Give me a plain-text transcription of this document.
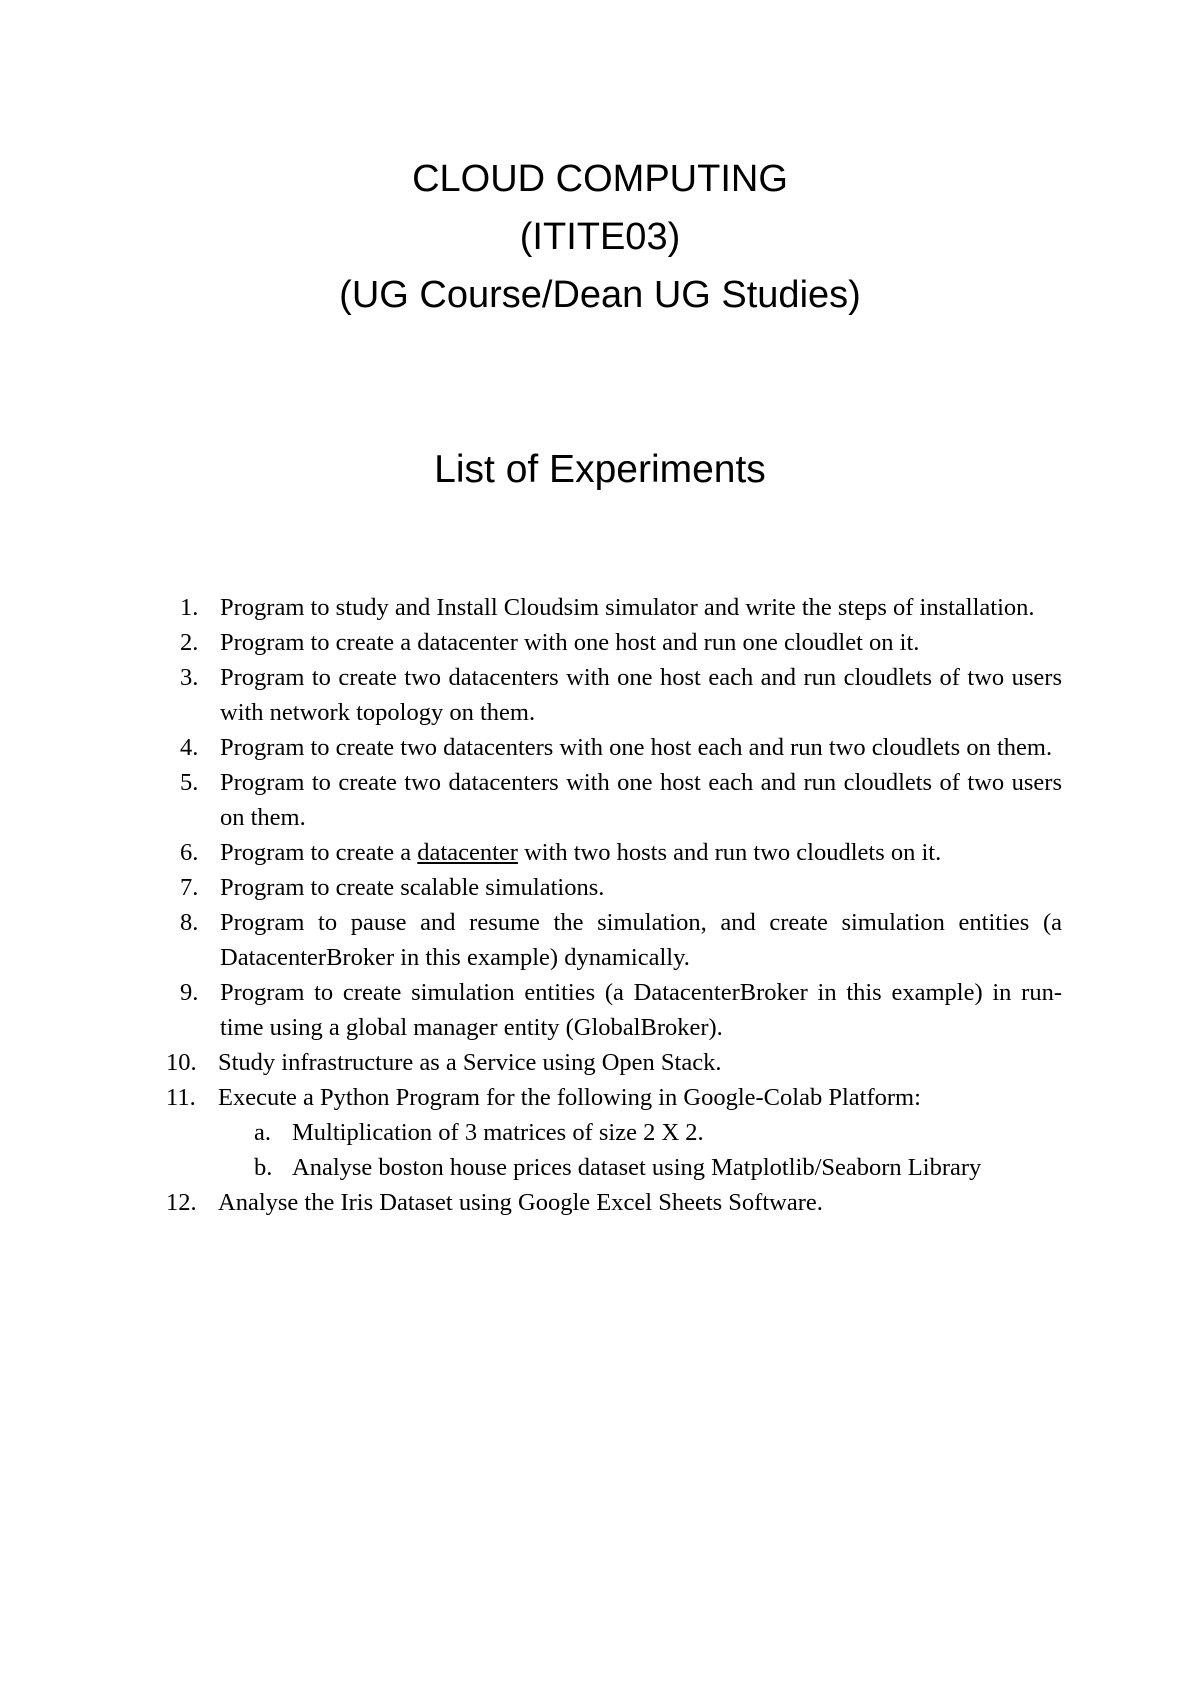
CLOUD COMPUTING
(ITITE03)
(UG Course/Dean UG Studies)
List of Experiments
1. Program to study and Install Cloudsim simulator and write the steps of installation.
2. Program to create a datacenter with one host and run one cloudlet on it.
3. Program to create two datacenters with one host each and run cloudlets of two users with network topology on them.
4. Program to create two datacenters with one host each and run two cloudlets on them.
5. Program to create two datacenters with one host each and run cloudlets of two users on them.
6. Program to create a datacenter with two hosts and run two cloudlets on it.
7. Program to create scalable simulations.
8. Program to pause and resume the simulation, and create simulation entities (a DatacenterBroker in this example) dynamically.
9. Program to create simulation entities (a DatacenterBroker in this example) in run-time using a global manager entity (GlobalBroker).
10. Study infrastructure as a Service using Open Stack.
11. Execute a Python Program for the following in Google-Colab Platform:
a. Multiplication of 3 matrices of size 2 X 2.
b. Analyse boston house prices dataset using Matplotlib/Seaborn Library
12. Analyse the Iris Dataset using Google Excel Sheets Software.
